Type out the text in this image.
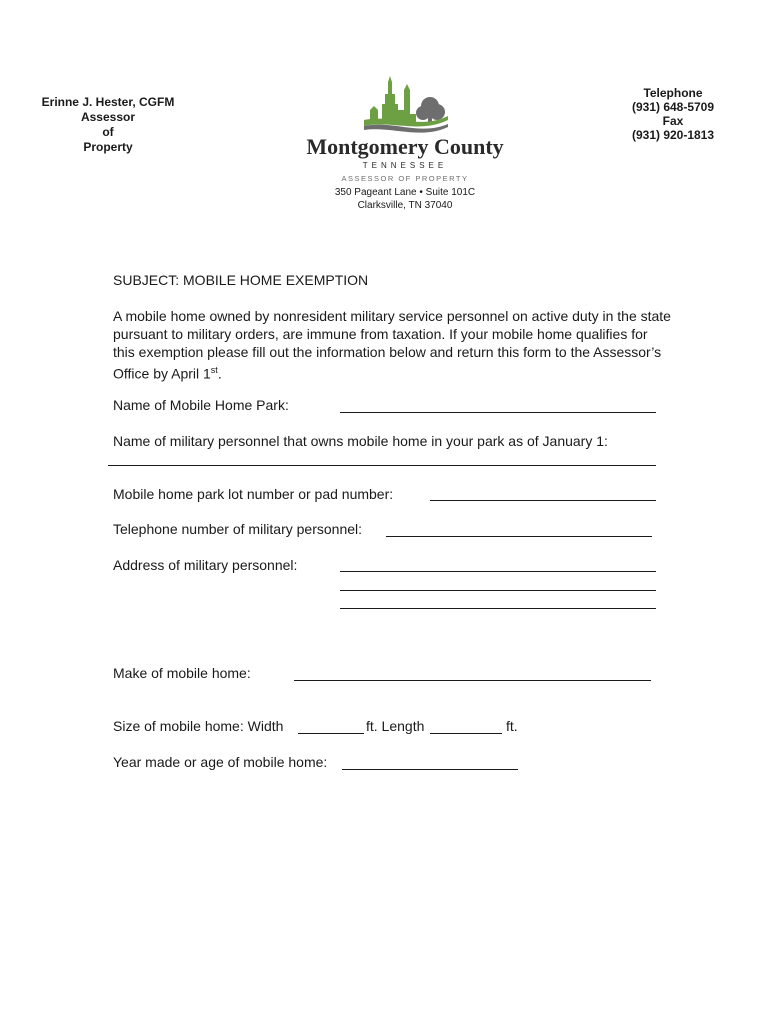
Erinne J. Hester, CGFM
Assessor
of
Property
Telephone
(931) 648-5709
Fax
(931) 920-1813
Montgomery County
TENNESSEE
ASSESSOR OF PROPERTY
350 Pageant Lane • Suite 101C
Clarksville, TN 37040
SUBJECT: MOBILE HOME EXEMPTION
A mobile home owned by nonresident military service personnel on active duty in the state pursuant to military orders, are immune from taxation. If your mobile home qualifies for this exemption please fill out the information below and return this form to the Assessor’s Office by April 1st.
Name of Mobile Home Park:
Name of military personnel that owns mobile home in your park as of January 1:
Mobile home park lot number or pad number:
Telephone number of military personnel:
Address of military personnel:
Make of mobile home:
Size of mobile home: Width	ft. Length	ft.
Year made or age of mobile home:
